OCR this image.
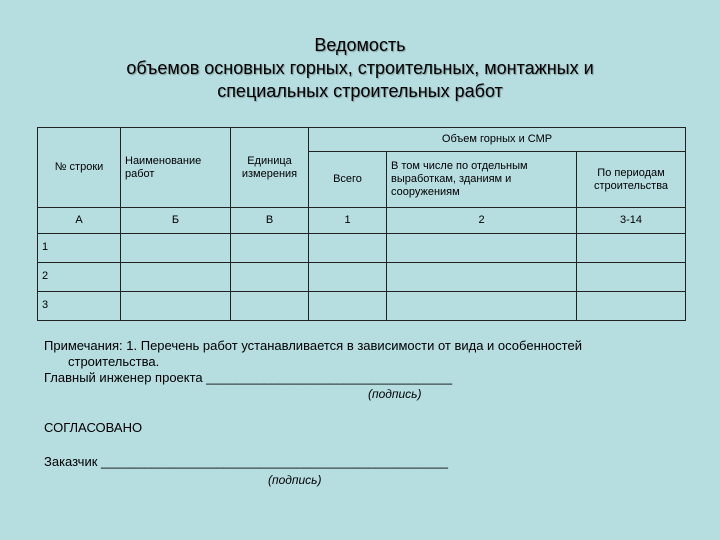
Ведомость
объемов основных горных, строительных, монтажных и
специальных строительных работ
№ строки	Наименование работ	Единица измерения	Объем горных и СМР		
			Всего	В том числе по отдельным выработкам, зданиям и сооружениям	По периодам строительства
А	Б	В	1	2	3-14
1					
2					
3					
Примечания: 1. Перечень работ устанавливается в зависимости от вида и особенностей
строительства.
Главный инженер проекта __________________________________
(подпись)
СОГЛАСОВАНО
Заказчик ________________________________________________
(подпись)
